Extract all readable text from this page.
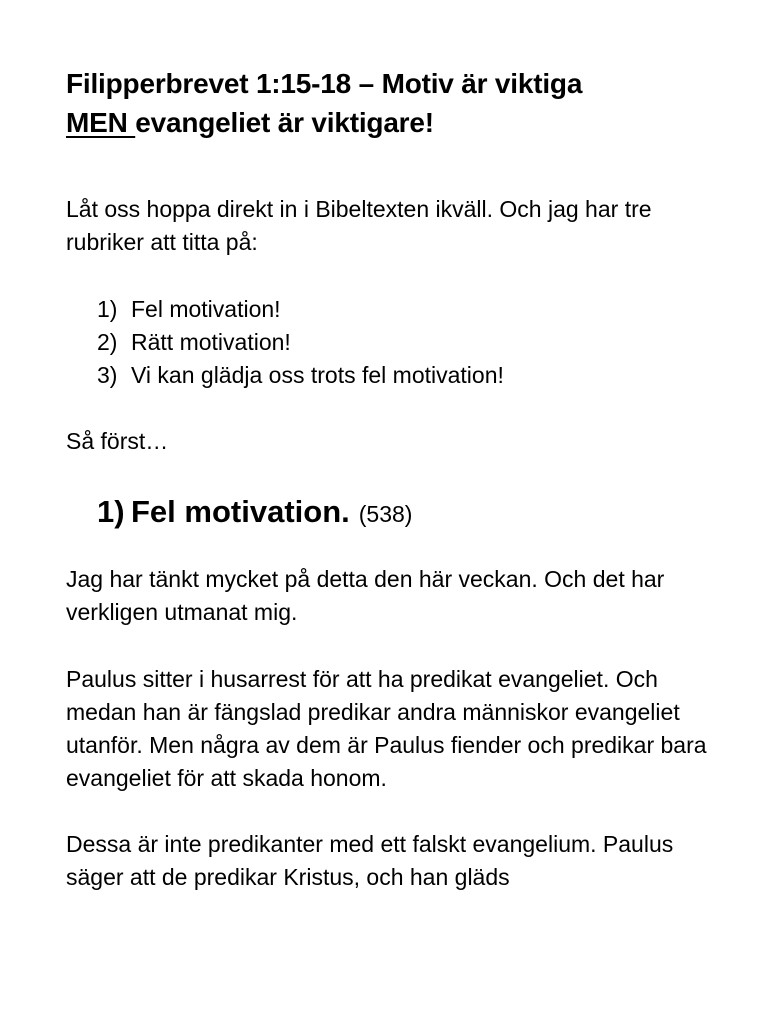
Filipperbrevet 1:15-18 – Motiv är viktiga
MEN evangeliet är viktigare!

Låt oss hoppa direkt in i Bibeltexten ikväll. Och jag har tre rubriker att titta på:

1) Fel motivation!
2) Rätt motivation!
3) Vi kan glädja oss trots fel motivation!

Så först…

1) Fel motivation. (538)

Jag har tänkt mycket på detta den här veckan. Och det har verkligen utmanat mig.

Paulus sitter i husarrest för att ha predikat evangeliet. Och medan han är fängslad predikar andra människor evangeliet utanför. Men några av dem är Paulus fiender och predikar bara evangeliet för att skada honom.

Dessa är inte predikanter med ett falskt evangelium. Paulus säger att de predikar Kristus, och han gläds
